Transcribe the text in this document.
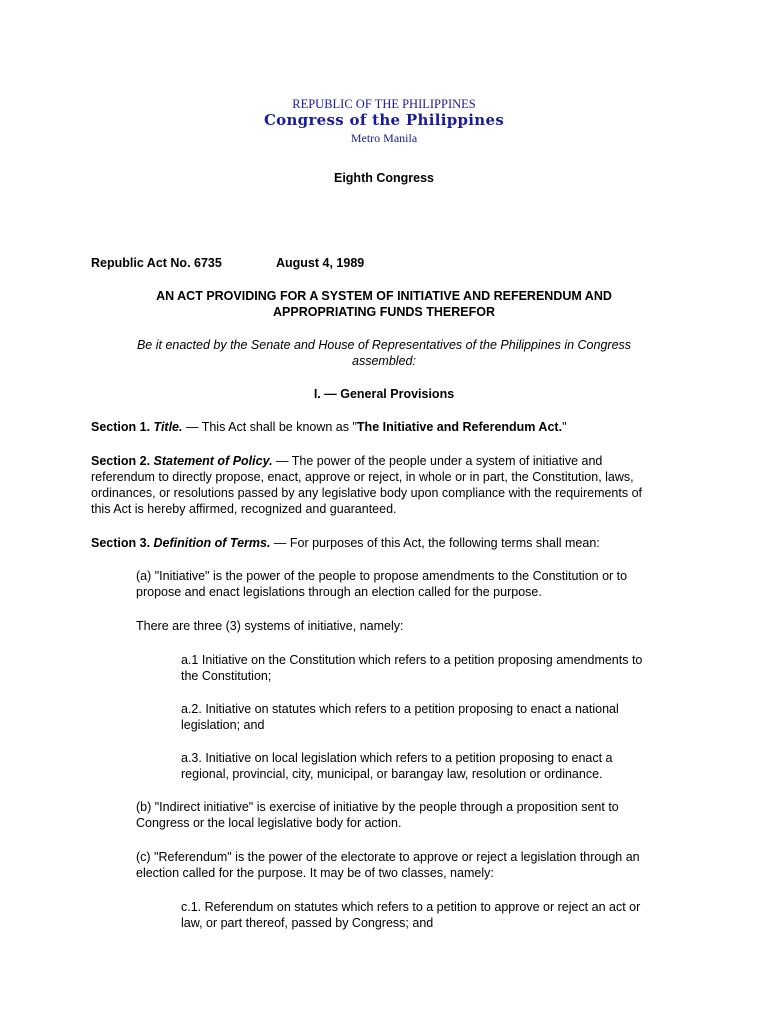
REPUBLIC OF THE PHILIPPINES
Congress of the Philippines
Metro Manila
Eighth Congress
Republic Act No. 6735	August 4, 1989
AN ACT PROVIDING FOR A SYSTEM OF INITIATIVE AND REFERENDUM AND
APPROPRIATING FUNDS THEREFOR
Be it enacted by the Senate and House of Representatives of the Philippines in Congress
assembled:
I. — General Provisions
Section 1. Title. — This Act shall be known as "The Initiative and Referendum Act."
Section 2. Statement of Policy. — The power of the people under a system of initiative and
referendum to directly propose, enact, approve or reject, in whole or in part, the Constitution, laws,
ordinances, or resolutions passed by any legislative body upon compliance with the requirements of
this Act is hereby affirmed, recognized and guaranteed.
Section 3. Definition of Terms. — For purposes of this Act, the following terms shall mean:
(a) "Initiative" is the power of the people to propose amendments to the Constitution or to
propose and enact legislations through an election called for the purpose.
There are three (3) systems of initiative, namely:
a.1 Initiative on the Constitution which refers to a petition proposing amendments to
the Constitution;
a.2. Initiative on statutes which refers to a petition proposing to enact a national
legislation; and
a.3. Initiative on local legislation which refers to a petition proposing to enact a
regional, provincial, city, municipal, or barangay law, resolution or ordinance.
(b) "Indirect initiative" is exercise of initiative by the people through a proposition sent to
Congress or the local legislative body for action.
(c) "Referendum" is the power of the electorate to approve or reject a legislation through an
election called for the purpose. It may be of two classes, namely:
c.1. Referendum on statutes which refers to a petition to approve or reject an act or
law, or part thereof, passed by Congress; and
